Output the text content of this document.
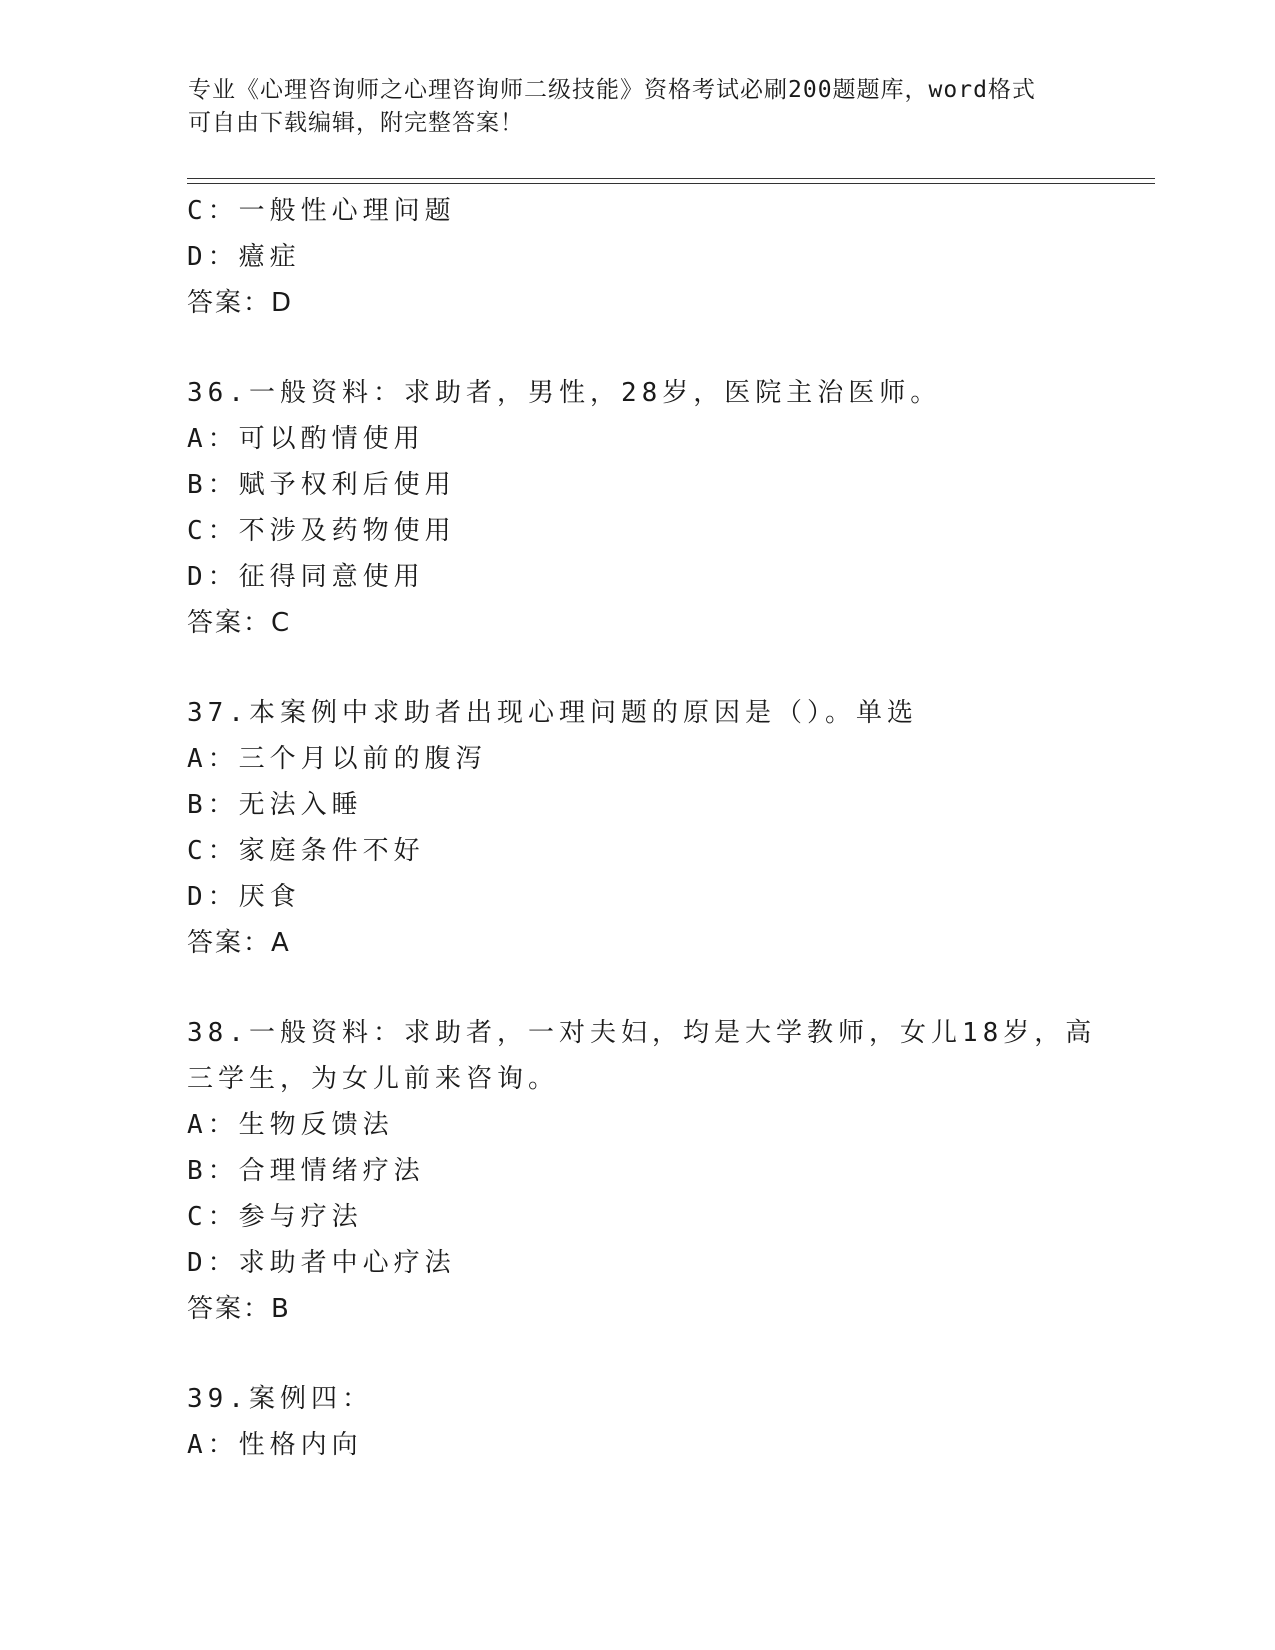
专业《心理咨询师之心理咨询师二级技能》资格考试必刷200题题库，word格式
可自由下载编辑，附完整答案！
C：一般性心理问题
D：癔症
答案：D
36.一般资料：求助者，男性，28岁，医院主治医师。
A：可以酌情使用
B：赋予权利后使用
C：不涉及药物使用
D：征得同意使用
答案：C
37.本案例中求助者出现心理问题的原因是（）。单选
A：三个月以前的腹泻
B：无法入睡
C：家庭条件不好
D：厌食
答案：A
38.一般资料：求助者，一对夫妇，均是大学教师，女儿18岁，高三学生，为女儿前来咨询。
A：生物反馈法
B：合理情绪疗法
C：参与疗法
D：求助者中心疗法
答案：B
39.案例四：
A：性格内向
